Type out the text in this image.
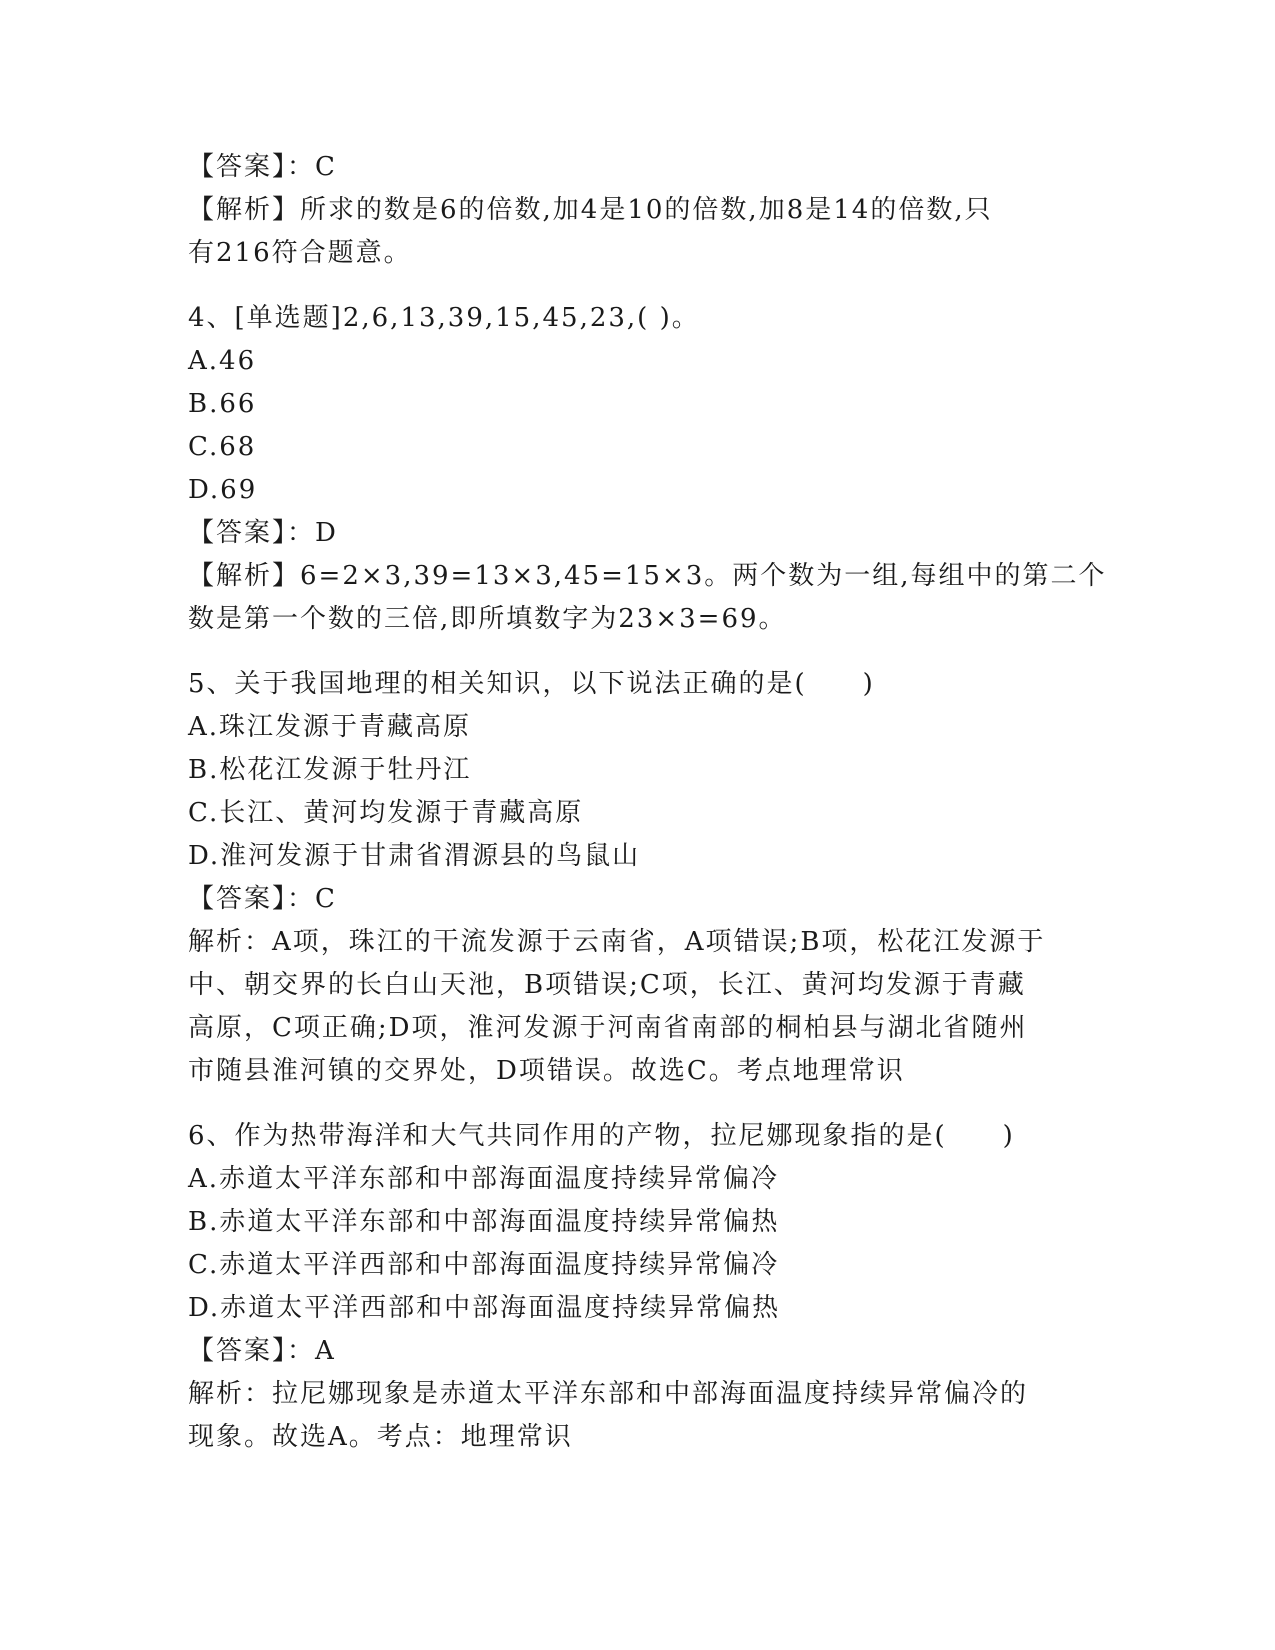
【答案】：C
【解析】所求的数是6的倍数,加4是10的倍数,加8是14的倍数,只
有216符合题意。
4、[单选题]2,6,13,39,15,45,23,( )。
A.46
B.66
C.68
D.69
【答案】：D
【解析】6=2×3,39=13×3,45=15×3。两个数为一组,每组中的第二个
数是第一个数的三倍,即所填数字为23×3=69。
5、关于我国地理的相关知识，以下说法正确的是(　　)
A.珠江发源于青藏高原
B.松花江发源于牡丹江
C.长江、黄河均发源于青藏高原
D.淮河发源于甘肃省渭源县的鸟鼠山
【答案】：C
解析：A项，珠江的干流发源于云南省，A项错误;B项，松花江发源于
中、朝交界的长白山天池，B项错误;C项，长江、黄河均发源于青藏
高原，C项正确;D项，淮河发源于河南省南部的桐柏县与湖北省随州
市随县淮河镇的交界处，D项错误。故选C。考点地理常识
6、作为热带海洋和大气共同作用的产物，拉尼娜现象指的是(　　)
A.赤道太平洋东部和中部海面温度持续异常偏冷
B.赤道太平洋东部和中部海面温度持续异常偏热
C.赤道太平洋西部和中部海面温度持续异常偏冷
D.赤道太平洋西部和中部海面温度持续异常偏热
【答案】：A
解析：拉尼娜现象是赤道太平洋东部和中部海面温度持续异常偏冷的
现象。故选A。考点：地理常识
